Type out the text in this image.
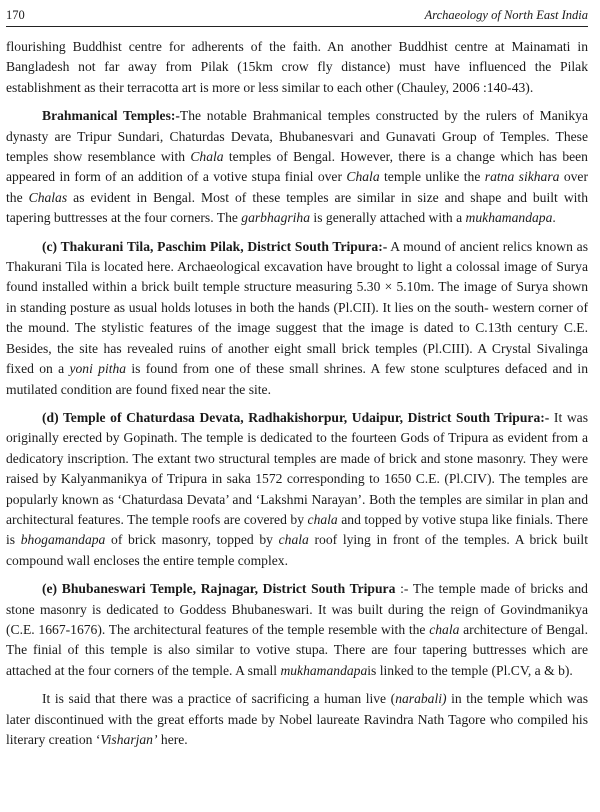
170	Archaeology of North East India

flourishing Buddhist centre for adherents of the faith. An another Buddhist centre at Mainamati in Bangladesh not far away from Pilak (15km crow fly distance) must have influenced the Pilak establishment as their terracotta art is more or less similar to each other (Chauley, 2006 :140-43).

Brahmanical Temples:-The notable Brahmanical temples constructed by the rulers of Manikya dynasty are Tripur Sundari, Chaturdas Devata, Bhubanesvari and Gunavati Group of Temples. These temples show resemblance with Chala temples of Bengal. However, there is a change which has been appeared in form of an addition of a votive stupa finial over Chala temple unlike the ratna sikhara over the Chalas as evident in Bengal. Most of these temples are similar in size and shape and built with tapering buttresses at the four corners. The garbhagriha is generally attached with a mukhamandapa.

(c) Thakurani Tila, Paschim Pilak, District South Tripura:- A mound of ancient relics known as Thakurani Tila is located here. Archaeological excavation have brought to light a colossal image of Surya found installed within a brick built temple structure measuring 5.30 × 5.10m. The image of Surya shown in standing posture as usual holds lotuses in both the hands (Pl.CII). It lies on the south- western corner of the mound. The stylistic features of the image suggest that the image is dated to C.13th century C.E. Besides, the site has revealed ruins of another eight small brick temples (Pl.CIII). A Crystal Sivalinga fixed on a yoni pitha is found from one of these small shrines. A few stone sculptures defaced and in mutilated condition are found fixed near the site.

(d) Temple of Chaturdasa Devata, Radhakishorpur, Udaipur, District South Tripura:- It was originally erected by Gopinath. The temple is dedicated to the fourteen Gods of Tripura as evident from a dedicatory inscription. The extant two structural temples are made of brick and stone masonry. They were raised by Kalyanmanikya of Tripura in saka 1572 corresponding to 1650 C.E. (Pl.CIV). The temples are popularly known as ‘Chaturdasa Devata’ and ‘Lakshmi Narayan’. Both the temples are similar in plan and architectural features. The temple roofs are covered by chala and topped by votive stupa like finials. There is bhogamandapa of brick masonry, topped by chala roof lying in front of the temples. A brick built compound wall encloses the entire temple complex.

(e) Bhubaneswari Temple, Rajnagar, District South Tripura :- The temple made of bricks and stone masonry is dedicated to Goddess Bhubaneswari. It was built during the reign of Govindmanikya (C.E. 1667-1676). The architectural features of the temple resemble with the chala architecture of Bengal. The finial of this temple is also similar to votive stupa. There are four tapering buttresses which are attached at the four corners of the temple. A small mukhamandapais linked to the temple (Pl.CV, a & b).

It is said that there was a practice of sacrificing a human live (narabali) in the temple which was later discontinued with the great efforts made by Nobel laureate Ravindra Nath Tagore who compiled his literary creation ‘Visharjan’ here.
